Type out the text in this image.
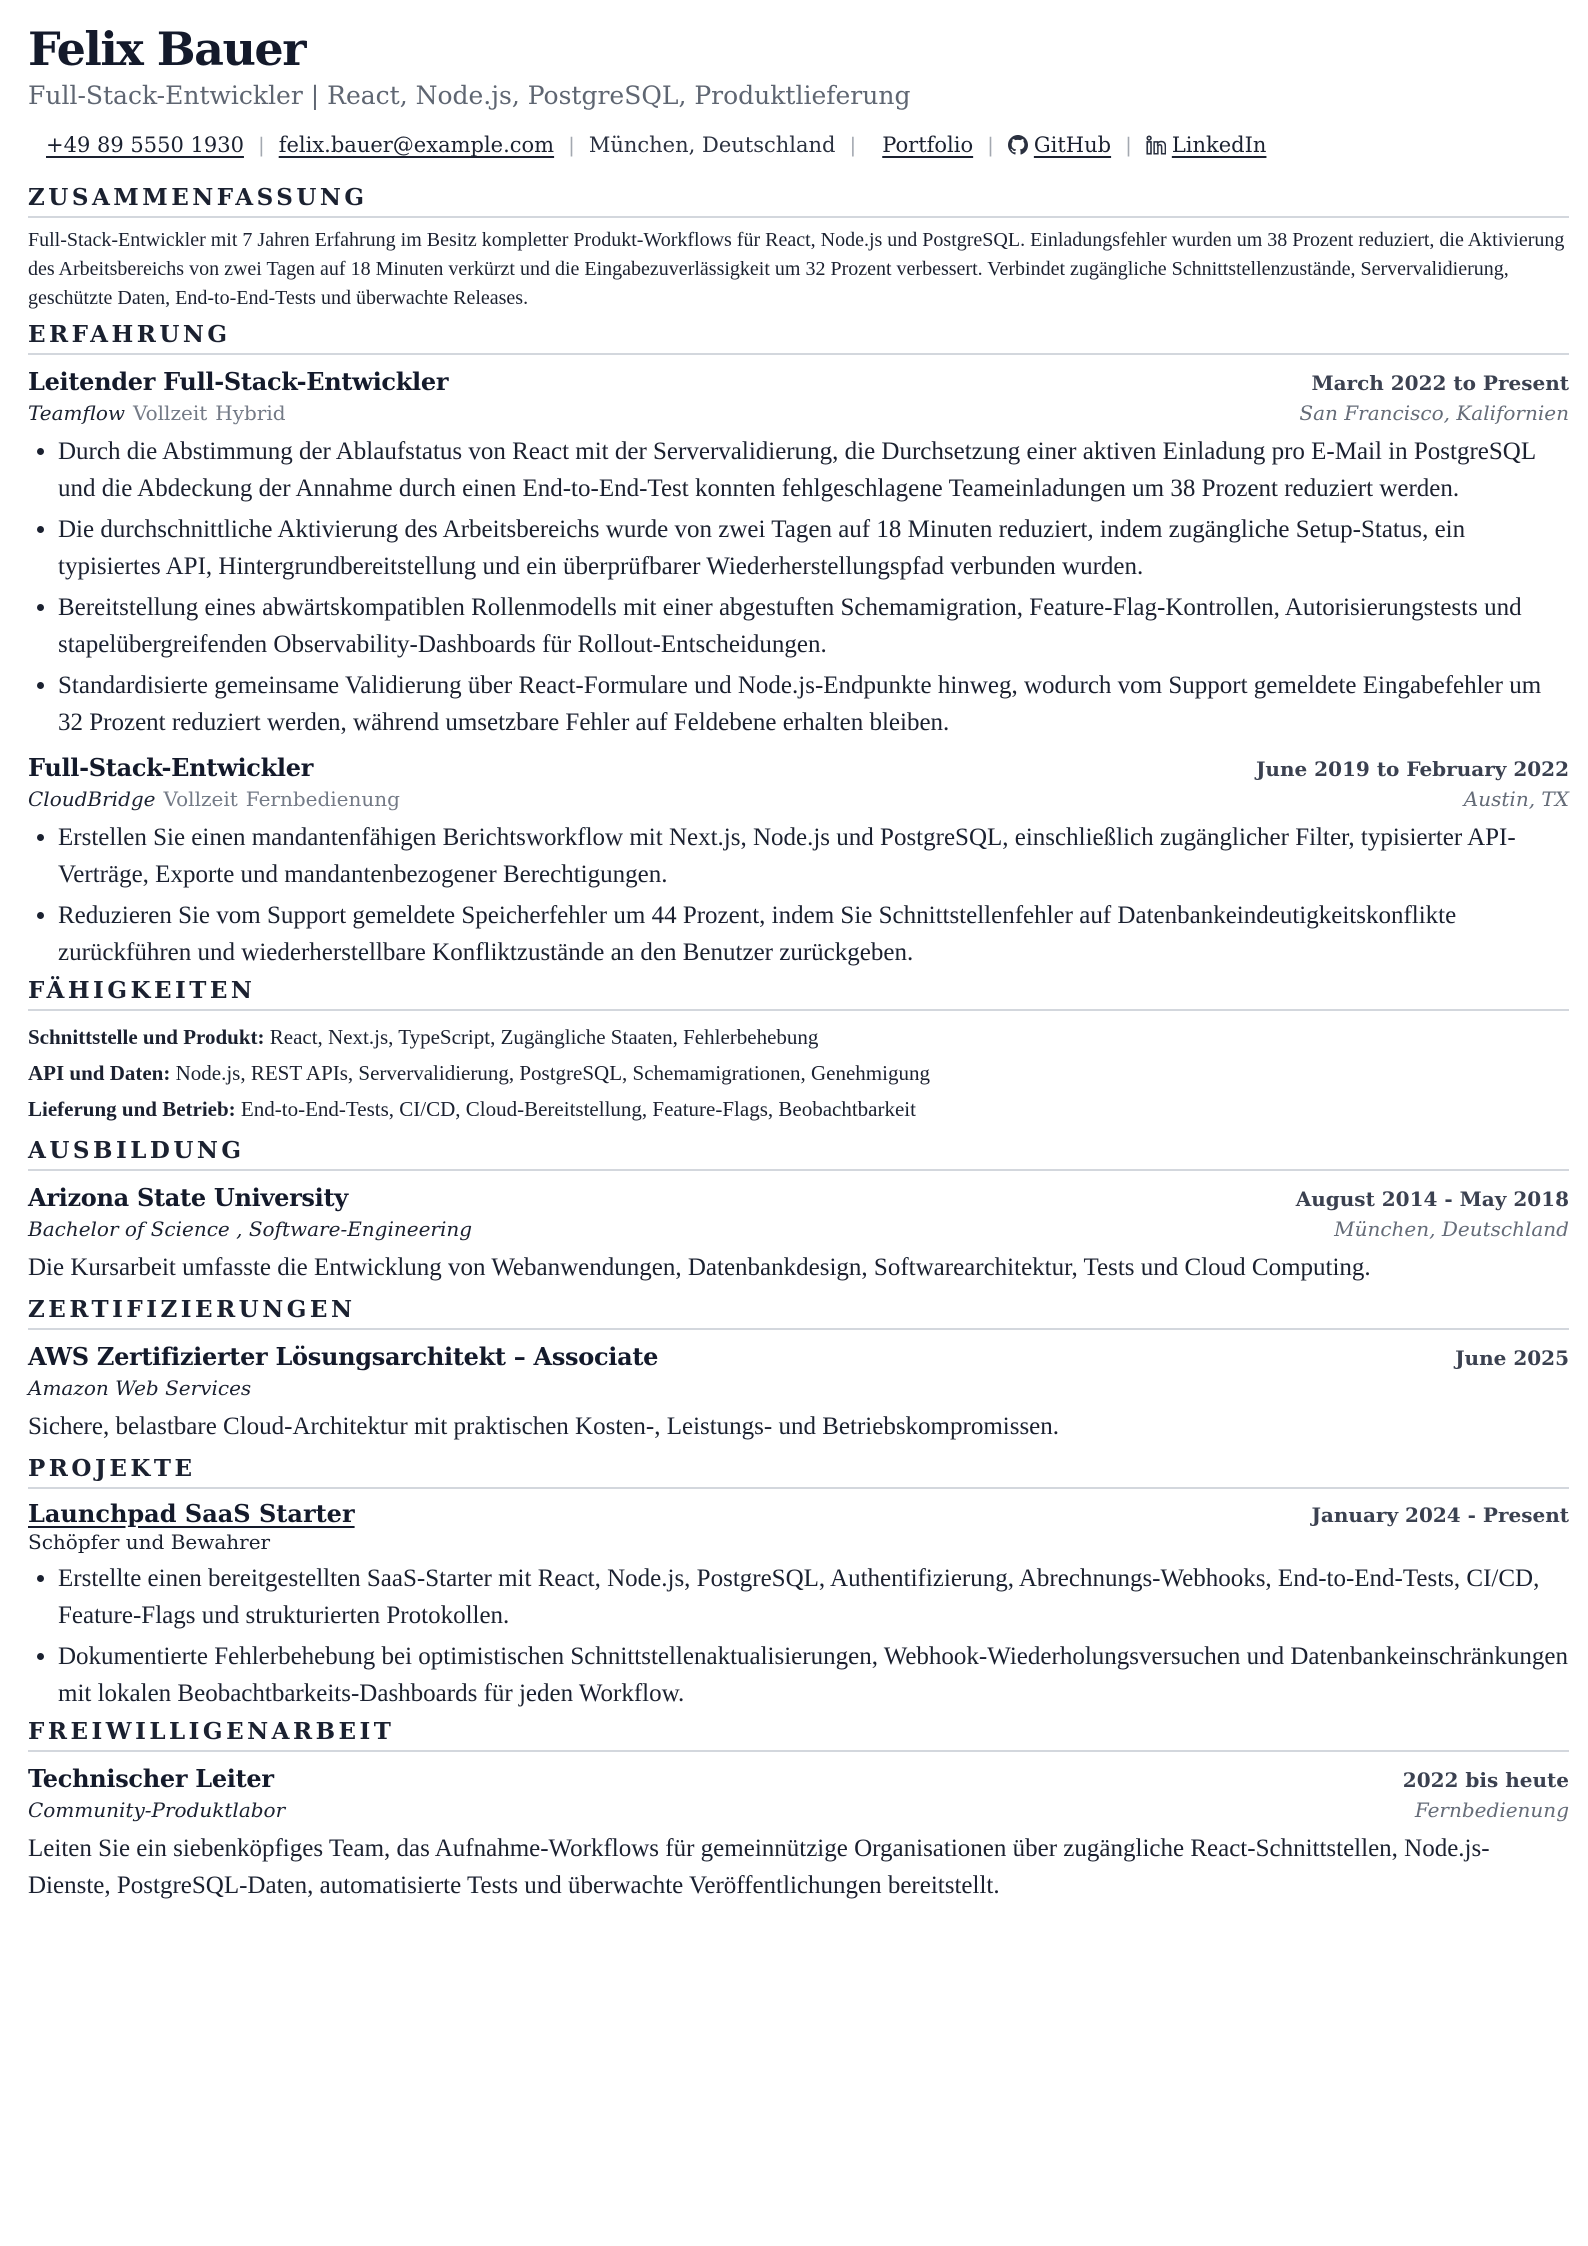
Felix Bauer
Full-Stack-Entwickler | React, Node.js, PostgreSQL, Produktlieferung
+49 89 5550 1930 | felix.bauer@example.com | München, Deutschland | Portfolio | GitHub | LinkedIn
ZUSAMMENFASSUNG

Full-Stack-Entwickler mit 7 Jahren Erfahrung im Besitz kompletter Produkt-Workflows für React, Node.js und PostgreSQL. Einladungsfehler wurden um 38 Prozent reduziert, die Aktivierung des Arbeitsbereichs von zwei Tagen auf 18 Minuten verkürzt und die Eingabezuverlässigkeit um 32 Prozent verbessert. Verbindet zugängliche Schnittstellenzustände, Servervalidierung, geschützte Daten, End-to-End-Tests und überwachte Releases.

ERFAHRUNG
Leitender Full-Stack-Entwickler	March 2022 to Present
Teamflow Vollzeit Hybrid	San Francisco, Kalifornien
• Durch die Abstimmung der Ablaufstatus von React mit der Servervalidierung, die Durchsetzung einer aktiven Einladung pro E-Mail in PostgreSQL und die Abdeckung der Annahme durch einen End-to-End-Test konnten fehlgeschlagene Teameinladungen um 38 Prozent reduziert werden.
• Die durchschnittliche Aktivierung des Arbeitsbereichs wurde von zwei Tagen auf 18 Minuten reduziert, indem zugängliche Setup-Status, ein typisiertes API, Hintergrundbereitstellung und ein überprüfbarer Wiederherstellungspfad verbunden wurden.
• Bereitstellung eines abwärtskompatiblen Rollenmodells mit einer abgestuften Schemamigration, Feature-Flag-Kontrollen, Autorisierungstests und stapelübergreifenden Observability-Dashboards für Rollout-Entscheidungen.
• Standardisierte gemeinsame Validierung über React-Formulare und Node.js-Endpunkte hinweg, wodurch vom Support gemeldete Eingabefehler um 32 Prozent reduziert werden, während umsetzbare Fehler auf Feldebene erhalten bleiben.
Full-Stack-Entwickler	June 2019 to February 2022
CloudBridge Vollzeit Fernbedienung	Austin, TX
• Erstellen Sie einen mandantenfähigen Berichtsworkflow mit Next.js, Node.js und PostgreSQL, einschließlich zugänglicher Filter, typisierter API-Verträge, Exporte und mandantenbezogener Berechtigungen.
• Reduzieren Sie vom Support gemeldete Speicherfehler um 44 Prozent, indem Sie Schnittstellenfehler auf Datenbankeindeutigkeitskonflikte zurückführen und wiederherstellbare Konfliktzustände an den Benutzer zurückgeben.
FÄHIGKEITEN
Schnittstelle und Produkt: React, Next.js, TypeScript, Zugängliche Staaten, Fehlerbehebung
API und Daten: Node.js, REST APIs, Servervalidierung, PostgreSQL, Schemamigrationen, Genehmigung
Lieferung und Betrieb: End-to-End-Tests, CI/CD, Cloud-Bereitstellung, Feature-Flags, Beobachtbarkeit
AUSBILDUNG
Arizona State University	August 2014 - May 2018
Bachelor of Science , Software-Engineering	München, Deutschland

Die Kursarbeit umfasste die Entwicklung von Webanwendungen, Datenbankdesign, Softwarearchitektur, Tests und Cloud Computing.

ZERTIFIZIERUNGEN
AWS Zertifizierter Lösungsarchitekt – Associate	June 2025
Amazon Web Services

Sichere, belastbare Cloud-Architektur mit praktischen Kosten-, Leistungs- und Betriebskompromissen.

PROJEKTE
Launchpad SaaS Starter	January 2024 - Present
Schöpfer und Bewahrer
• Erstellte einen bereitgestellten SaaS-Starter mit React, Node.js, PostgreSQL, Authentifizierung, Abrechnungs-Webhooks, End-to-End-Tests, CI/CD, Feature-Flags und strukturierten Protokollen.
• Dokumentierte Fehlerbehebung bei optimistischen Schnittstellenaktualisierungen, Webhook-Wiederholungsversuchen und Datenbankeinschränkungen mit lokalen Beobachtbarkeits-Dashboards für jeden Workflow.
FREIWILLIGENARBEIT
Technischer Leiter	2022 bis heute
Community-Produktlabor	Fernbedienung

Leiten Sie ein siebenköpfiges Team, das Aufnahme-Workflows für gemeinnützige Organisationen über zugängliche React-Schnittstellen, Node.js-Dienste, PostgreSQL-Daten, automatisierte Tests und überwachte Veröffentlichungen bereitstellt.
